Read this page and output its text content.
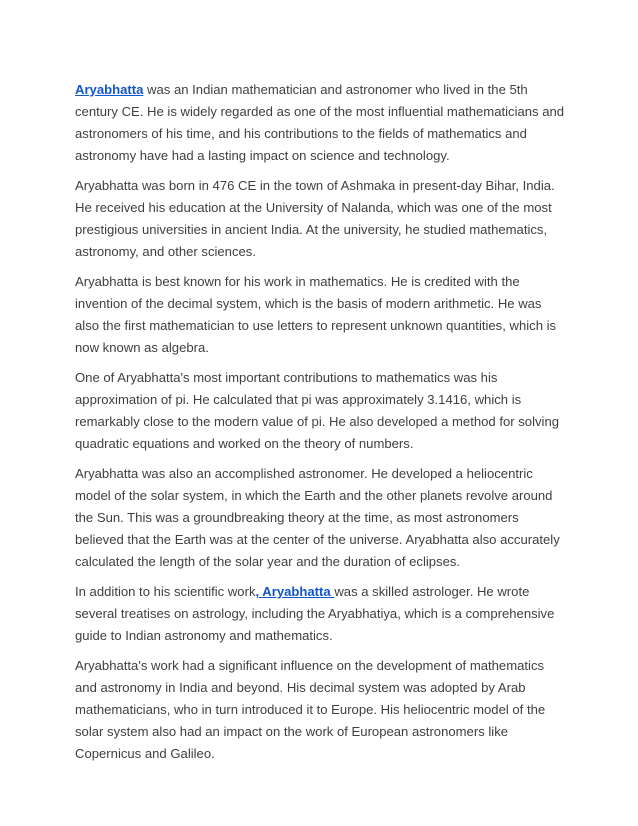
Aryabhatta was an Indian mathematician and astronomer who lived in the 5th century CE. He is widely regarded as one of the most influential mathematicians and astronomers of his time, and his contributions to the fields of mathematics and astronomy have had a lasting impact on science and technology.

Aryabhatta was born in 476 CE in the town of Ashmaka in present-day Bihar, India. He received his education at the University of Nalanda, which was one of the most prestigious universities in ancient India. At the university, he studied mathematics, astronomy, and other sciences.

Aryabhatta is best known for his work in mathematics. He is credited with the invention of the decimal system, which is the basis of modern arithmetic. He was also the first mathematician to use letters to represent unknown quantities, which is now known as algebra.

One of Aryabhatta's most important contributions to mathematics was his approximation of pi. He calculated that pi was approximately 3.1416, which is remarkably close to the modern value of pi. He also developed a method for solving quadratic equations and worked on the theory of numbers.

Aryabhatta was also an accomplished astronomer. He developed a heliocentric model of the solar system, in which the Earth and the other planets revolve around the Sun. This was a groundbreaking theory at the time, as most astronomers believed that the Earth was at the center of the universe. Aryabhatta also accurately calculated the length of the solar year and the duration of eclipses.

In addition to his scientific work, Aryabhatta was a skilled astrologer. He wrote several treatises on astrology, including the Aryabhatiya, which is a comprehensive guide to Indian astronomy and mathematics.

Aryabhatta's work had a significant influence on the development of mathematics and astronomy in India and beyond. His decimal system was adopted by Arab mathematicians, who in turn introduced it to Europe. His heliocentric model of the solar system also had an impact on the work of European astronomers like Copernicus and Galileo.
